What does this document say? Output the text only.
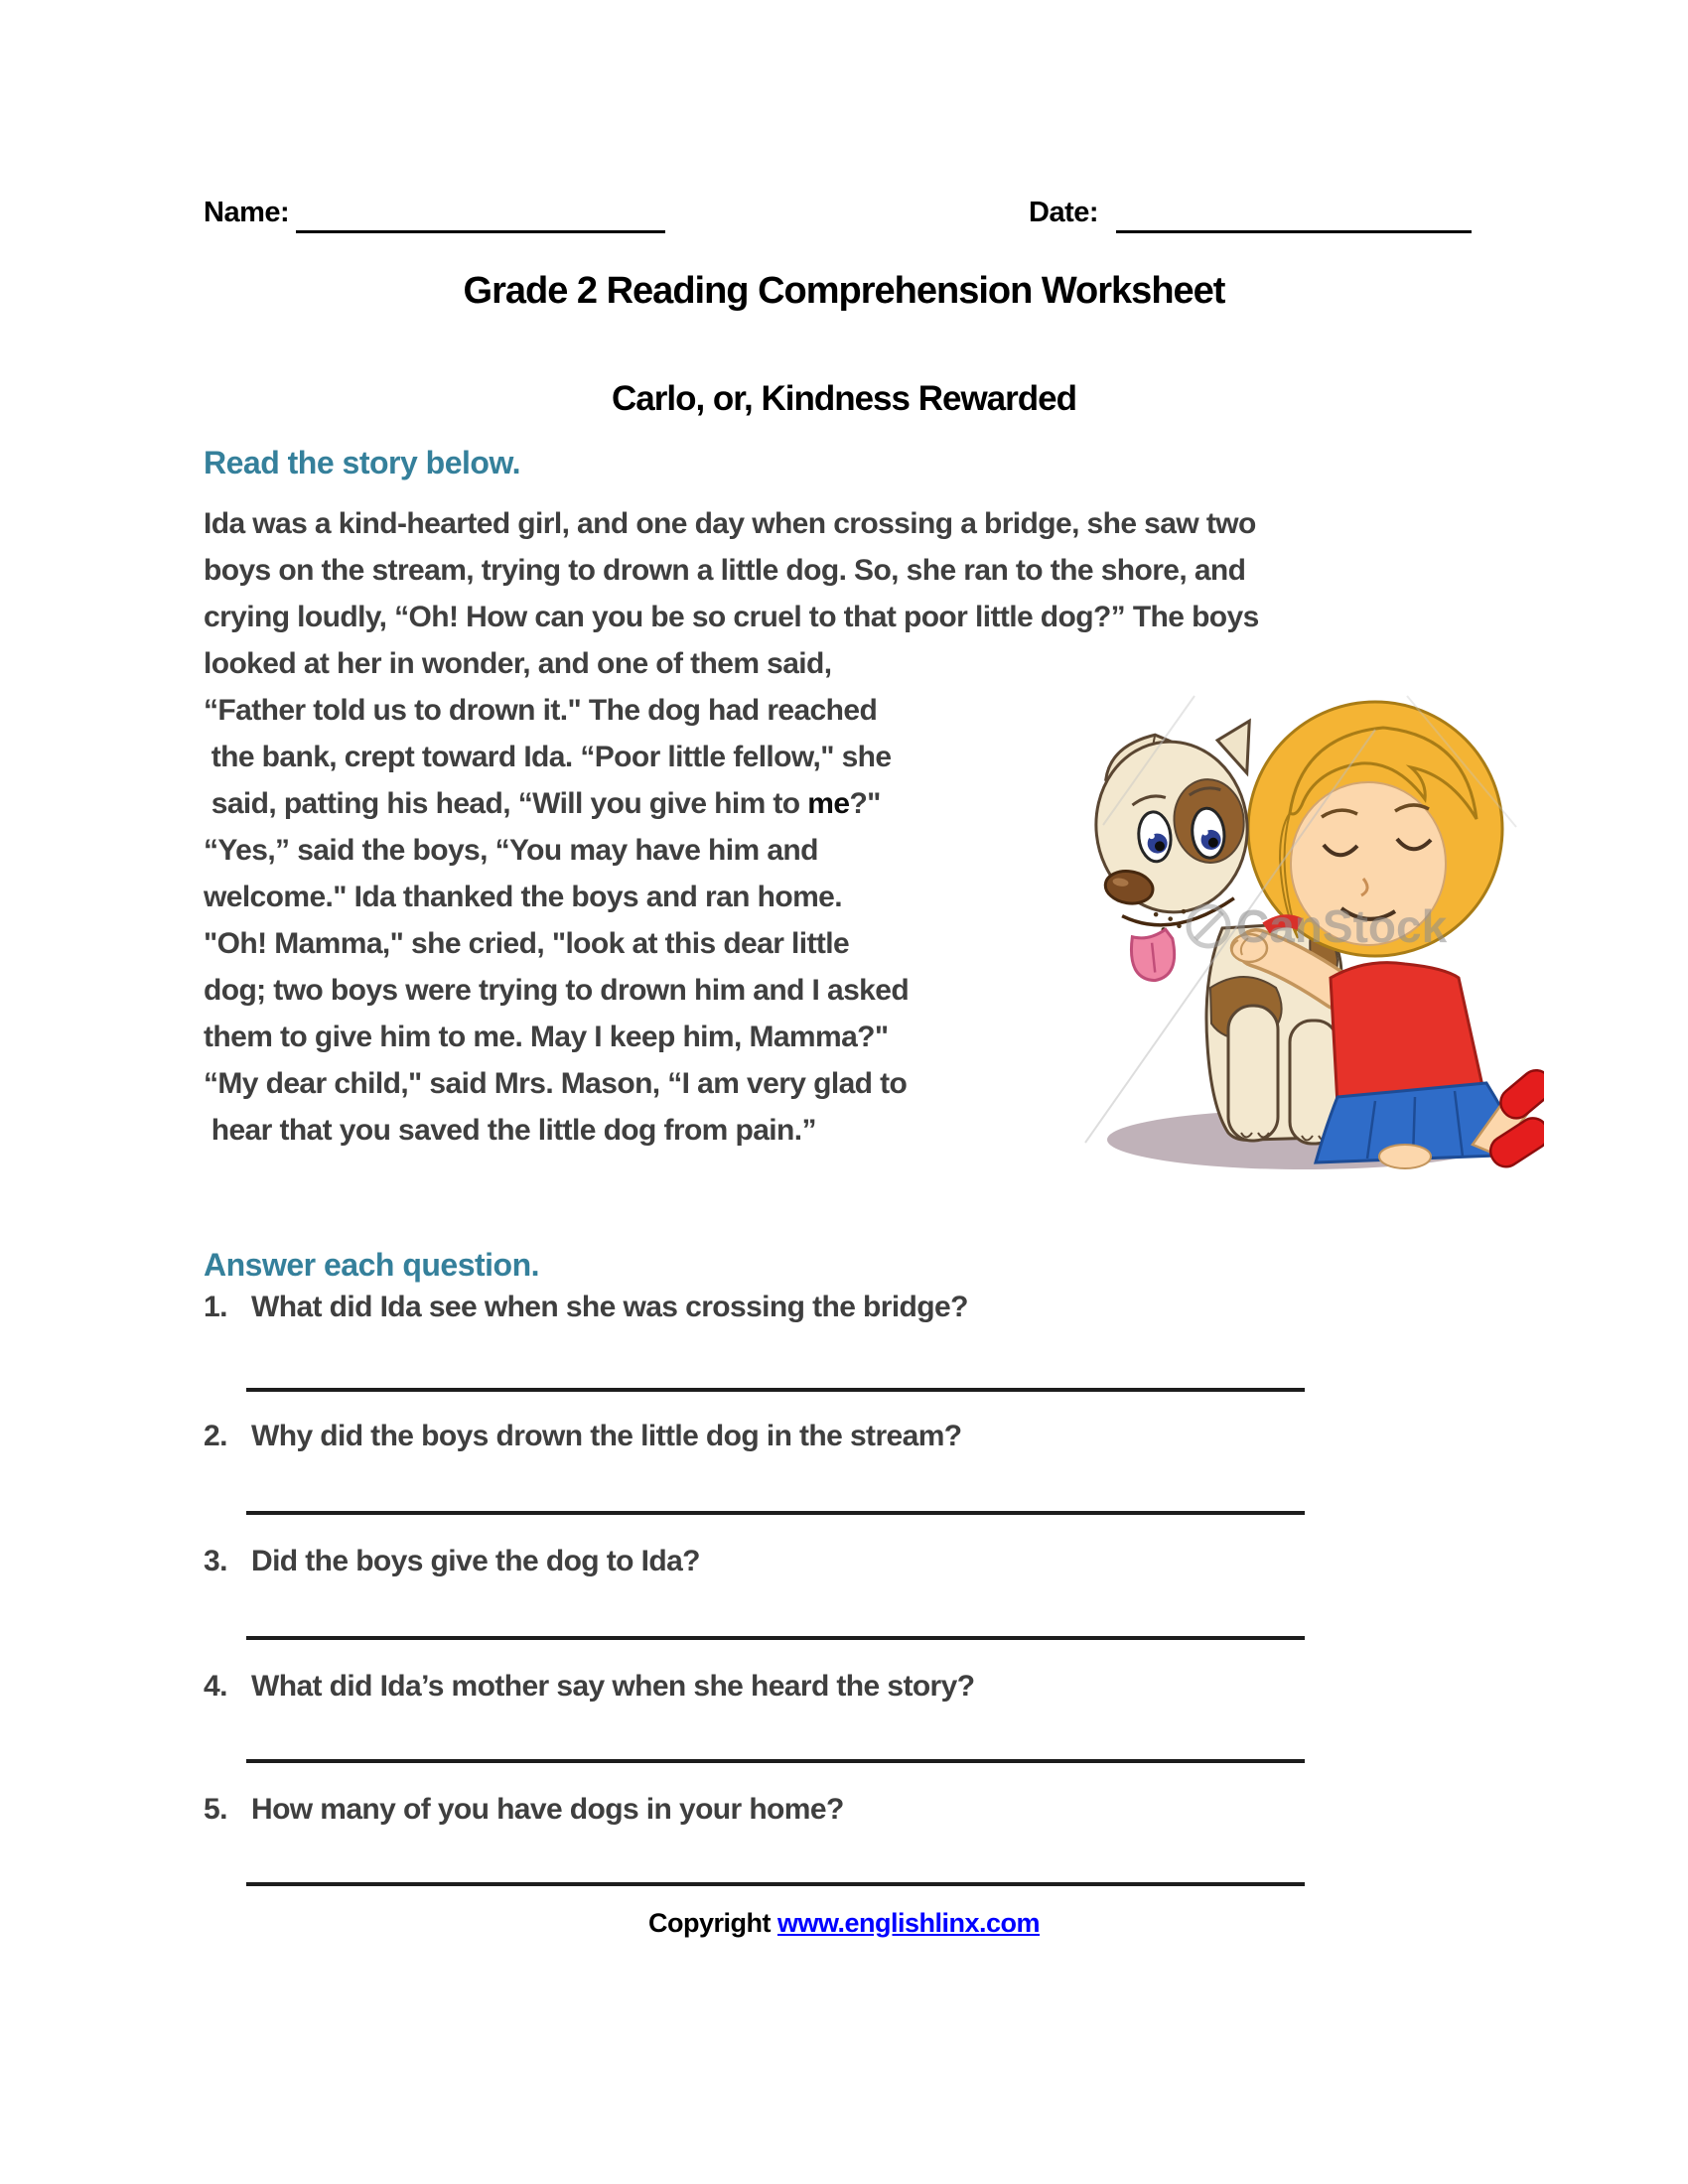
Name:	Date:
Grade 2 Reading Comprehension Worksheet
Carlo, or, Kindness Rewarded
Read the story below.
Ida was a kind-hearted girl, and one day when crossing a bridge, she saw two
boys on the stream, trying to drown a little dog. So, she ran to the shore, and
crying loudly, “Oh! How can you be so cruel to that poor little dog?” The boys
looked at her in wonder, and one of them said,
“Father told us to drown it." The dog had reached
the bank, crept toward Ida. “Poor little fellow," she
said, patting his head, “Will you give him to me?"
“Yes,” said the boys, “You may have him and
welcome." Ida thanked the boys and ran home.
"Oh! Mamma," she cried, "look at this dear little
dog; two boys were trying to drown him and I asked
them to give him to me. May I keep him, Mamma?"
“My dear child," said Mrs. Mason, “I am very glad to
hear that you saved the little dog from pain.”
CanStock
Answer each question.
1. What did Ida see when she was crossing the bridge?
2. Why did the boys drown the little dog in the stream?
3. Did the boys give the dog to Ida?
4. What did Ida’s mother say when she heard the story?
5. How many of you have dogs in your home?
Copyright www.englishlinx.com
